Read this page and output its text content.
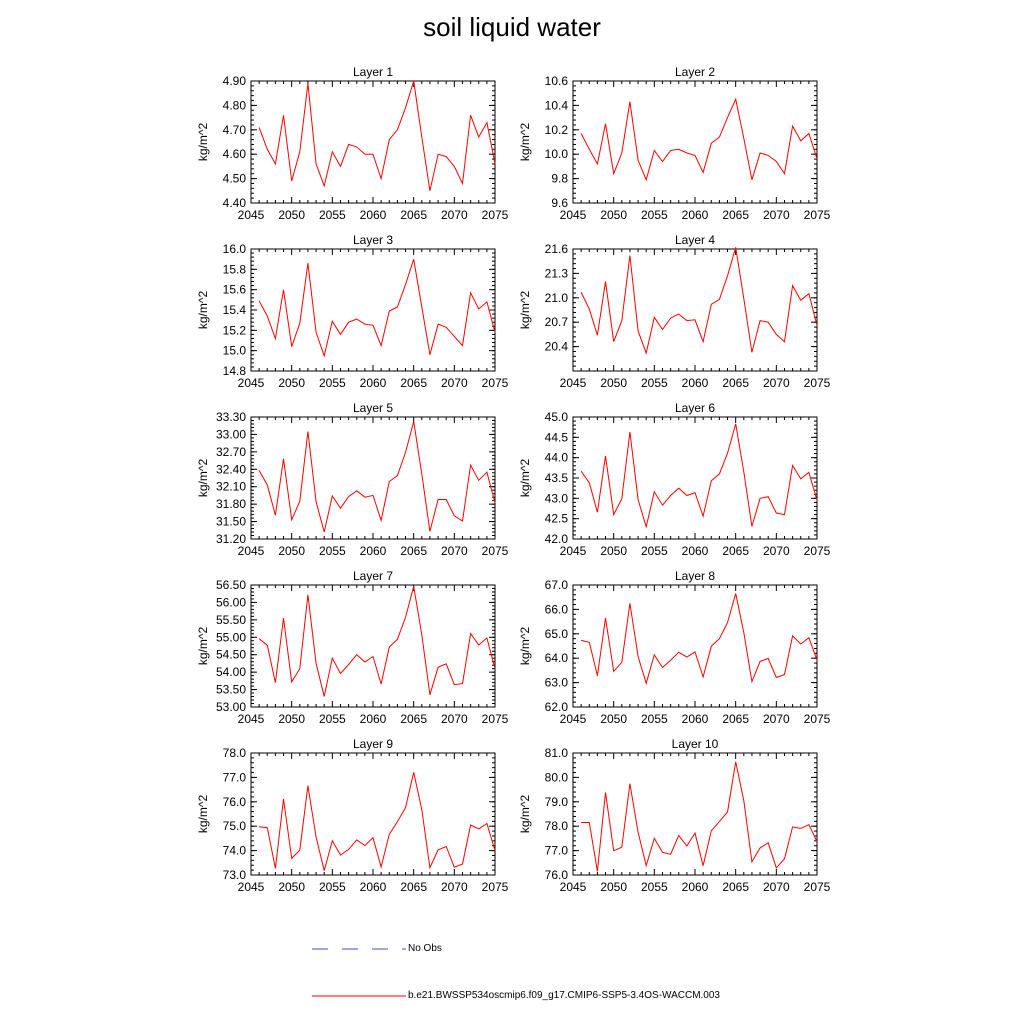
soil liquid water
Layer 1
kg/m^2
2045 2050 2055 2060 2065 2070 2075
4.40
4.50
4.60
4.70
4.80
4.90
Layer 2
kg/m^2
2045 2050 2055 2060 2065 2070 2075
9.6
9.8
10.0
10.2
10.4
10.6
Layer 3
kg/m^2
2045 2050 2055 2060 2065 2070 2075
14.8
15.0
15.2
15.4
15.6
15.8
16.0
Layer 4
kg/m^2
2045 2050 2055 2060 2065 2070 2075
20.4
20.7
21.0
21.3
21.6
Layer 5
kg/m^2
2045 2050 2055 2060 2065 2070 2075
31.20
31.50
31.80
32.10
32.40
32.70
33.00
33.30
Layer 6
kg/m^2
2045 2050 2055 2060 2065 2070 2075
42.0
42.5
43.0
43.5
44.0
44.5
45.0
Layer 7
kg/m^2
2045 2050 2055 2060 2065 2070 2075
53.00
53.50
54.00
54.50
55.00
55.50
56.00
56.50
Layer 8
kg/m^2
2045 2050 2055 2060 2065 2070 2075
62.0
63.0
64.0
65.0
66.0
67.0
Layer 9
kg/m^2
2045 2050 2055 2060 2065 2070 2075
73.0
74.0
75.0
76.0
77.0
78.0
Layer 10
kg/m^2
2045 2050 2055 2060 2065 2070 2075
76.0
77.0
78.0
79.0
80.0
81.0
No Obs
b.e21.BWSSP534oscmip6.f09_g17.CMIP6-SSP5-3.4OS-WACCM.003
